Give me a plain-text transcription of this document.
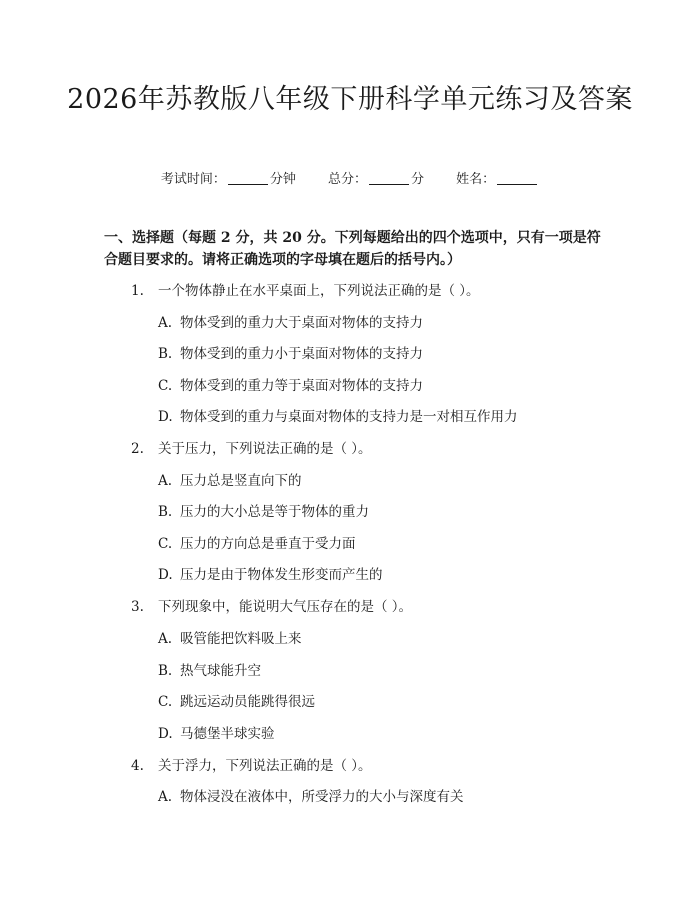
2026年苏教版八年级下册科学单元练习及答案
考试时间：	分钟 总分：	分 姓名：
一、选择题（每题 2 分，共 20 分。下列每题给出的四个选项中，只有一项是符合题目要求的。请将正确选项的字母填在题后的括号内。）
1. 一个物体静止在水平桌面上，下列说法正确的是（ ）。
A. 物体受到的重力大于桌面对物体的支持力
B. 物体受到的重力小于桌面对物体的支持力
C. 物体受到的重力等于桌面对物体的支持力
D. 物体受到的重力与桌面对物体的支持力是一对相互作用力
2. 关于压力，下列说法正确的是（ ）。
A. 压力总是竖直向下的
B. 压力的大小总是等于物体的重力
C. 压力的方向总是垂直于受力面
D. 压力是由于物体发生形变而产生的
3. 下列现象中，能说明大气压存在的是（ ）。
A. 吸管能把饮料吸上来
B. 热气球能升空
C. 跳远运动员能跳得很远
D. 马德堡半球实验
4. 关于浮力，下列说法正确的是（ ）。
A. 物体浸没在液体中，所受浮力的大小与深度有关
